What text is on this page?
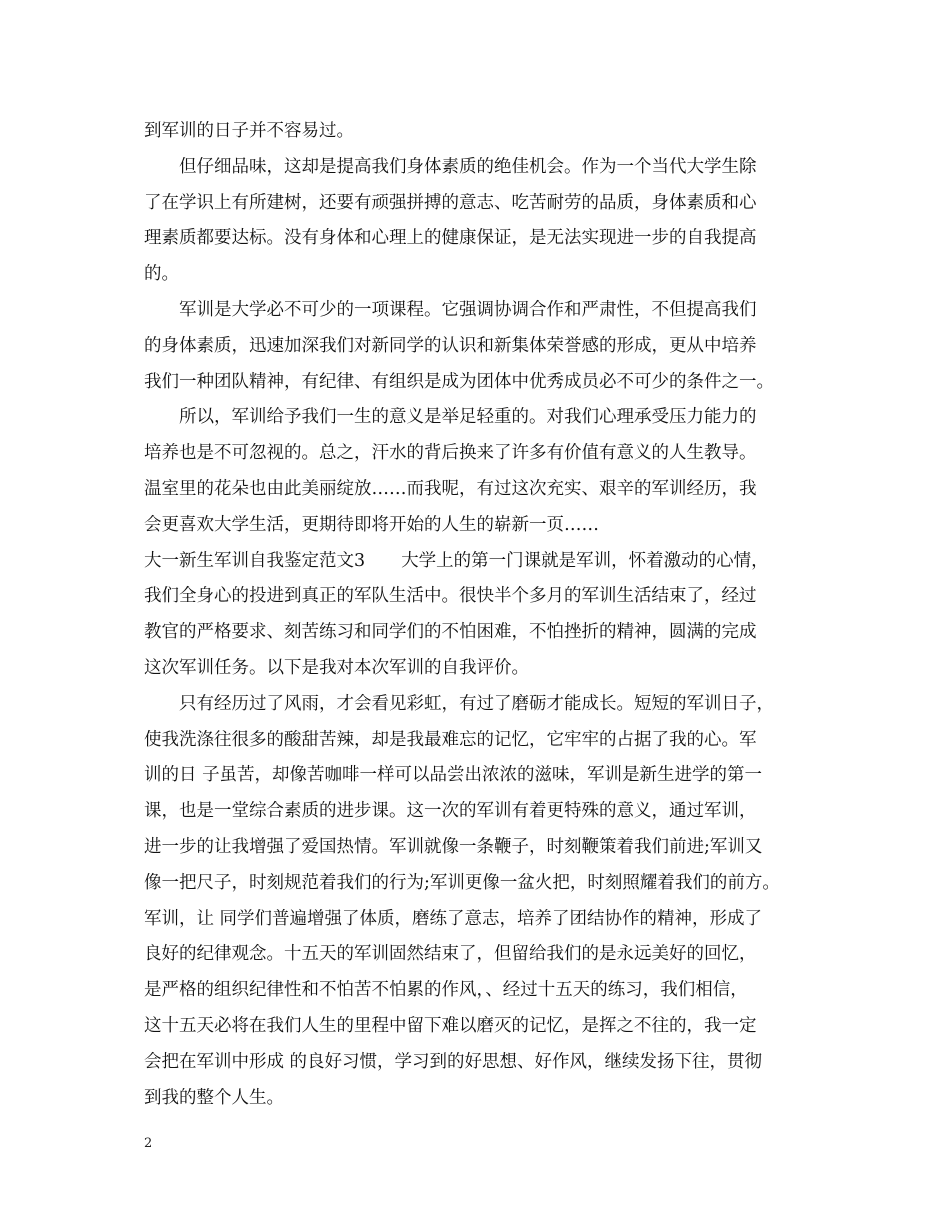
到军训的日子并不容易过。
但仔细品味，这却是提高我们身体素质的绝佳机会。作为一个当代大学生除
了在学识上有所建树，还要有顽强拼搏的意志、吃苦耐劳的品质，身体素质和心
理素质都要达标。没有身体和心理上的健康保证，是无法实现进一步的自我提高
的。
军训是大学必不可少的一项课程。它强调协调合作和严肃性，不但提高我们
的身体素质，迅速加深我们对新同学的认识和新集体荣誉感的形成，更从中培养
我们一种团队精神，有纪律、有组织是成为团体中优秀成员必不可少的条件之一。
所以，军训给予我们一生的意义是举足轻重的。对我们心理承受压力能力的
培养也是不可忽视的。总之，汗水的背后换来了许多有价值有意义的人生教导。
温室里的花朵也由此美丽绽放……而我呢，有过这次充实、艰辛的军训经历，我
会更喜欢大学生活，更期待即将开始的人生的崭新一页……
大一新生军训自我鉴定范文3 大学上的第一门课就是军训，怀着激动的心情，
我们全身心的投进到真正的军队生活中。很快半个多月的军训生活结束了，经过
教官的严格要求、刻苦练习和同学们的不怕困难，不怕挫折的精神，圆满的完成
这次军训任务。以下是我对本次军训的自我评价。
只有经历过了风雨，才会看见彩虹，有过了磨砺才能成长。短短的军训日子，
使我洗涤往很多的酸甜苦辣，却是我最难忘的记忆，它牢牢的占据了我的心。军
训的日 子虽苦，却像苦咖啡一样可以品尝出浓浓的滋味，军训是新生进学的第一
课，也是一堂综合素质的进步课。这一次的军训有着更特殊的意义，通过军训，
进一步的让我增强了爱国热情。军训就像一条鞭子，时刻鞭策着我们前进;军训又
像一把尺子，时刻规范着我们的行为;军训更像一盆火把，时刻照耀着我们的前方。
军训，让 同学们普遍增强了体质，磨练了意志，培养了团结协作的精神，形成了
良好的纪律观念。十五天的军训固然结束了，但留给我们的是永远美好的回忆，
是严格的组织纪律性和不怕苦不怕累的作风，、经过十五天的练习，我们相信，
这十五天必将在我们人生的里程中留下难以磨灭的记忆，是挥之不往的，我一定
会把在军训中形成 的良好习惯，学习到的好思想、好作风，继续发扬下往，贯彻
到我的整个人生。
2
